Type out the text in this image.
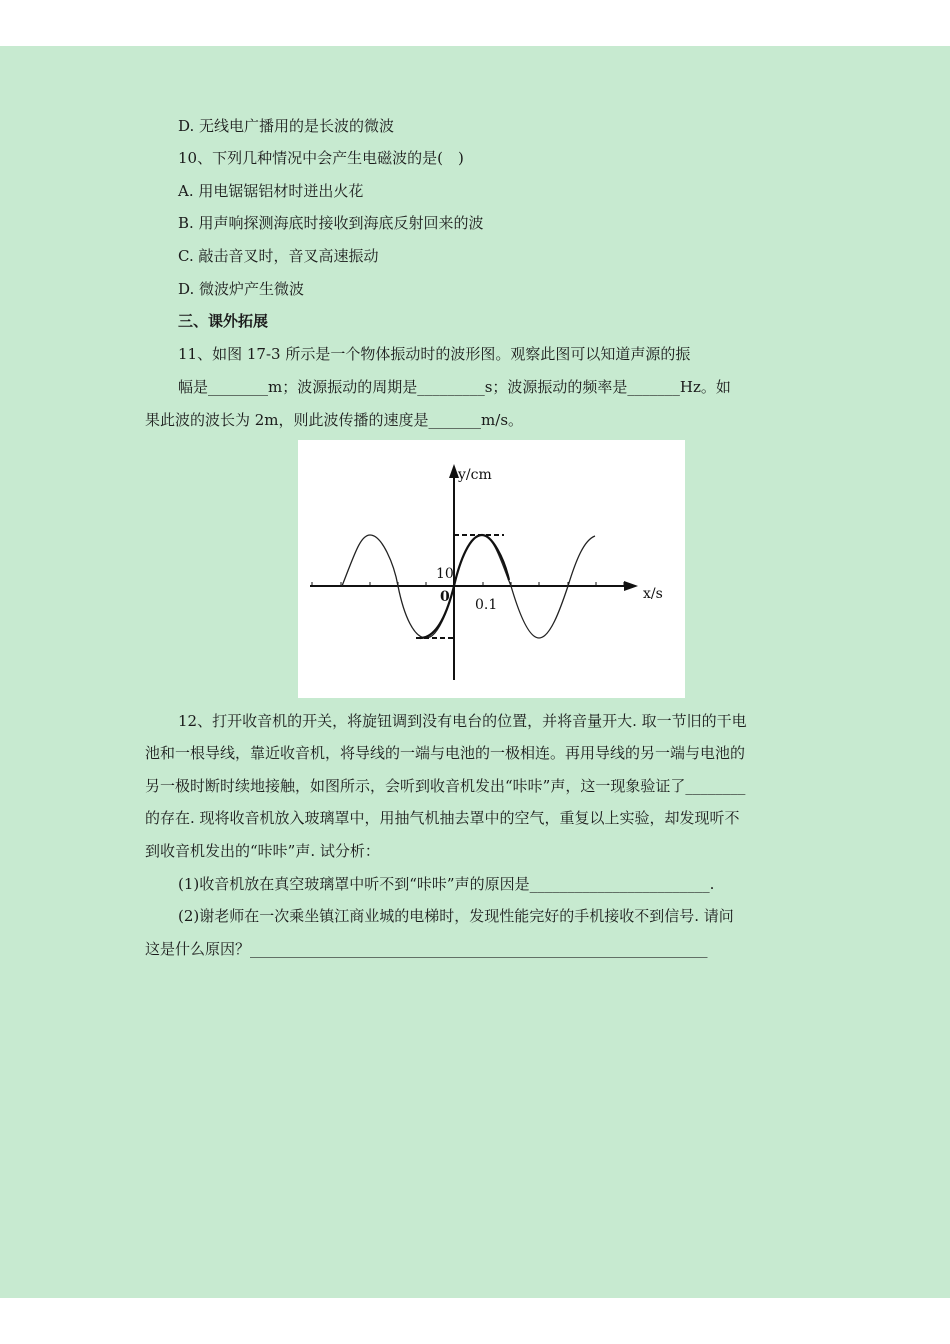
D. 无线电广播用的是长波的微波
10、下列几种情况中会产生电磁波的是(　)
A. 用电锯锯铝材时迸出火花
B. 用声响探测海底时接收到海底反射回来的波
C. 敲击音叉时，音叉高速振动
D. 微波炉产生微波
三、课外拓展
11、如图 17-3 所示是一个物体振动时的波形图。观察此图可以知道声源的振
幅是________m；波源振动的周期是_________s；波源振动的频率是_______Hz。如
果此波的波长为 2m，则此波传播的速度是_______m/s。
y/cm
x/s
10
0 0.1
12、打开收音机的开关，将旋钮调到没有电台的位置，并将音量开大. 取一节旧的干电
池和一根导线，靠近收音机，将导线的一端与电池的一极相连。再用导线的另一端与电池的
另一极时断时续地接触，如图所示，会听到收音机发出“咔咔”声，这一现象验证了________
的存在. 现将收音机放入玻璃罩中，用抽气机抽去罩中的空气，重复以上实验，却发现听不
到收音机发出的“咔咔”声. 试分析：
(1)收音机放在真空玻璃罩中听不到“咔咔”声的原因是________________________.
(2)谢老师在一次乘坐镇江商业城的电梯时，发现性能完好的手机接收不到信号. 请问
这是什么原因？_____________________________________________________________
